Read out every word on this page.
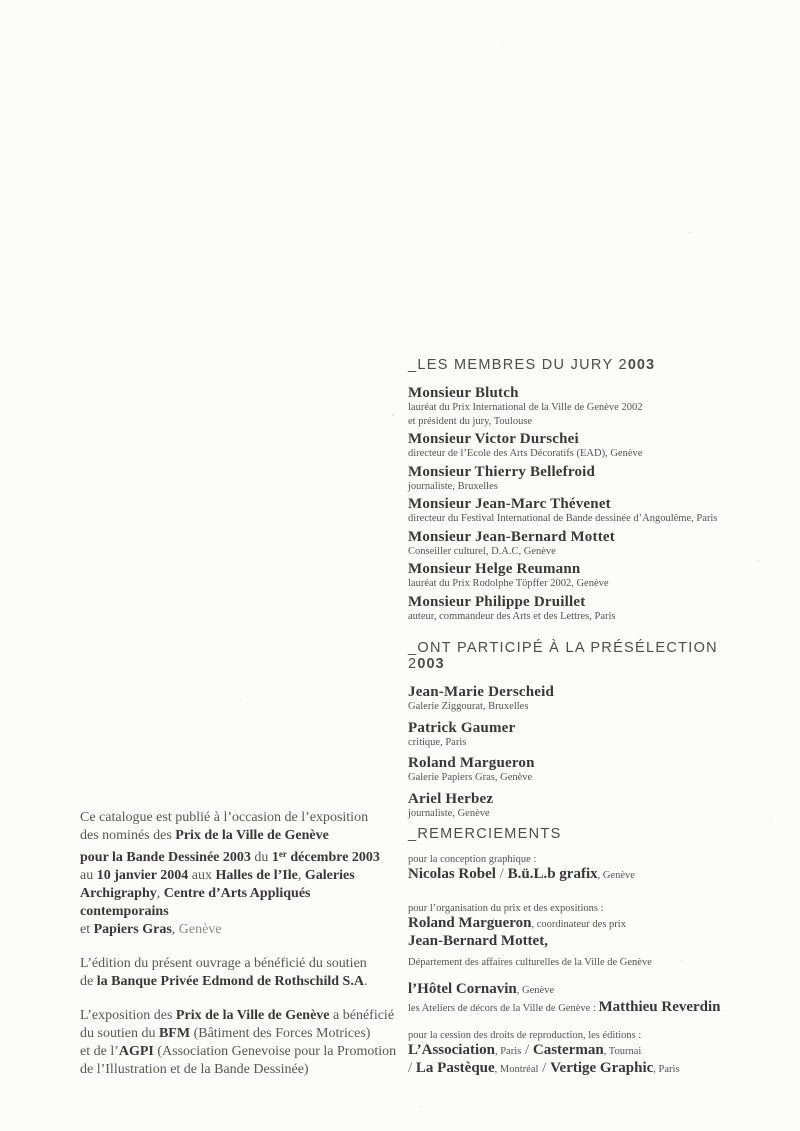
_LES MEMBRES DU JURY 2003
Monsieur Blutch
lauréat du Prix International de la Ville de Genève 2002
et président du jury, Toulouse
Monsieur Victor Durschei
directeur de l’Ecole des Arts Décoratifs (EAD), Genève
Monsieur Thierry Bellefroid
journaliste, Bruxelles
Monsieur Jean-Marc Thévenet
directeur du Festival International de Bande dessinée d’Angoulême, Paris
Monsieur Jean-Bernard Mottet
Conseiller culturel, D.A.C, Genève
Monsieur Helge Reumann
lauréat du Prix Rodolphe Töpffer 2002, Genève
Monsieur Philippe Druillet
auteur, commandeur des Arts et des Lettres, Paris
_ONT PARTICIPÉ À LA PRÉSÉLECTION 2003
Jean-Marie Derscheid
Galerie Ziggourat, Bruxelles
Patrick Gaumer
critique, Paris
Roland Margueron
Galerie Papiers Gras, Genève
Ariel Herbez
journaliste, Genève
_REMERCIEMENTS
pour la conception graphique :
Nicolas Robel / B.ü.L.b grafix, Genève
pour l’organisation du prix et des expositions :
Roland Margueron, coordinateur des prix
Jean-Bernard Mottet,
Département des affaires culturelles de la Ville de Genève
l’Hôtel Cornavin, Genève
les Ateliers de décors de la Ville de Genève : Matthieu Reverdin
pour la cession des droits de reproduction, les éditions :
L’Association, Paris / Casterman, Tournai
/ La Pastèque, Montréal / Vertige Graphic, Paris

Ce catalogue est publié à l’occasion de l’exposition
des nominés des Prix de la Ville de Genève
pour la Bande Dessinée 2003 du 1er décembre 2003
au 10 janvier 2004 aux Halles de l’Ile, Galeries
Archigraphy, Centre d’Arts Appliqués contemporains
et Papiers Gras, Genève

L’édition du présent ouvrage a bénéficié du soutien
de la Banque Privée Edmond de Rothschild S.A.

L’exposition des Prix de la Ville de Genève a bénéficié
du soutien du BFM (Bâtiment des Forces Motrices)
et de l’AGPI (Association Genevoise pour la Promotion
de l’Illustration et de la Bande Dessinée)
